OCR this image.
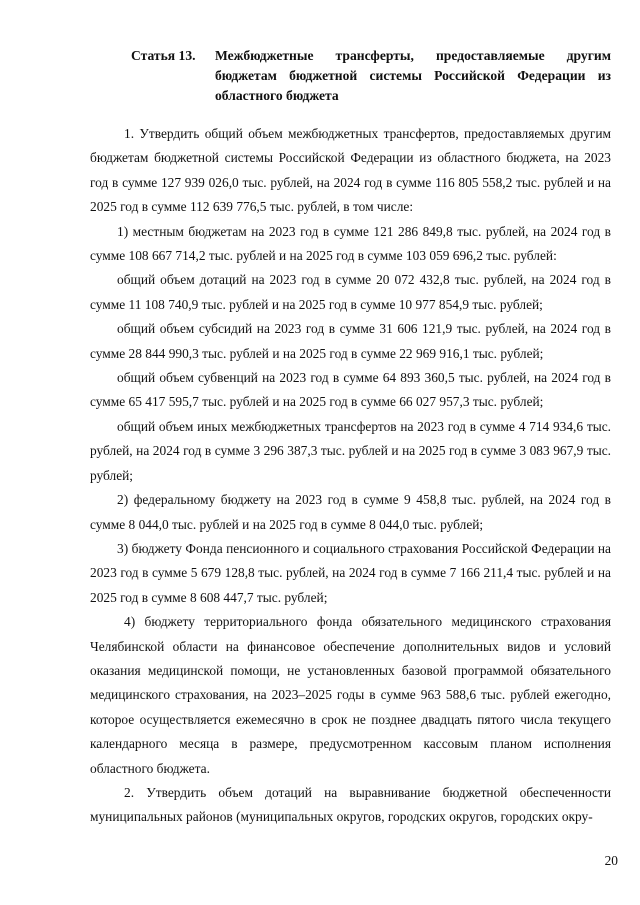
Статья 13.	Межбюджетные трансферты, предоставляемые другим бюджетам бюджетной системы Российской Федерации из областного бюджета

1. Утвердить общий объем межбюджетных трансфертов, предоставляемых другим бюджетам бюджетной системы Российской Федерации из областного бюджета, на 2023 год в сумме 127 939 026,0 тыс. рублей, на 2024 год в сумме 116 805 558,2 тыс. рублей и на 2025 год в сумме 112 639 776,5 тыс. рублей, в том числе:

1) местным бюджетам на 2023 год в сумме 121 286 849,8 тыс. рублей, на 2024 год в сумме 108 667 714,2 тыс. рублей и на 2025 год в сумме 103 059 696,2 тыс. рублей:

общий объем дотаций на 2023 год в сумме 20 072 432,8 тыс. рублей, на 2024 год в сумме 11 108 740,9 тыс. рублей и на 2025 год в сумме 10 977 854,9 тыс. рублей;

общий объем субсидий на 2023 год в сумме 31 606 121,9 тыс. рублей, на 2024 год в сумме 28 844 990,3 тыс. рублей и на 2025 год в сумме 22 969 916,1 тыс. рублей;

общий объем субвенций на 2023 год в сумме 64 893 360,5 тыс. рублей, на 2024 год в сумме 65 417 595,7 тыс. рублей и на 2025 год в сумме 66 027 957,3 тыс. рублей;

общий объем иных межбюджетных трансфертов на 2023 год в сумме 4 714 934,6 тыс. рублей, на 2024 год в сумме 3 296 387,3 тыс. рублей и на 2025 год в сумме 3 083 967,9 тыс. рублей;

2) федеральному бюджету на 2023 год в сумме 9 458,8 тыс. рублей, на 2024 год в сумме 8 044,0 тыс. рублей и на 2025 год в сумме 8 044,0 тыс. рублей;

3) бюджету Фонда пенсионного и социального страхования Российской Федерации на 2023 год в сумме 5 679 128,8 тыс. рублей, на 2024 год в сумме 7 166 211,4 тыс. рублей и на 2025 год в сумме 8 608 447,7 тыс. рублей;

4) бюджету территориального фонда обязательного медицинского страхования Челябинской области на финансовое обеспечение дополнительных видов и условий оказания медицинской помощи, не установленных базовой программой обязательного медицинского страхования, на 2023–2025 годы в сумме 963 588,6 тыс. рублей ежегодно, которое осуществляется ежемесячно в срок не позднее двадцать пятого числа текущего календарного месяца в размере, предусмотренном кассовым планом исполнения областного бюджета.

2. Утвердить объем дотаций на выравнивание бюджетной обеспеченности муниципальных районов (муниципальных округов, городских округов, городских окру-

20
